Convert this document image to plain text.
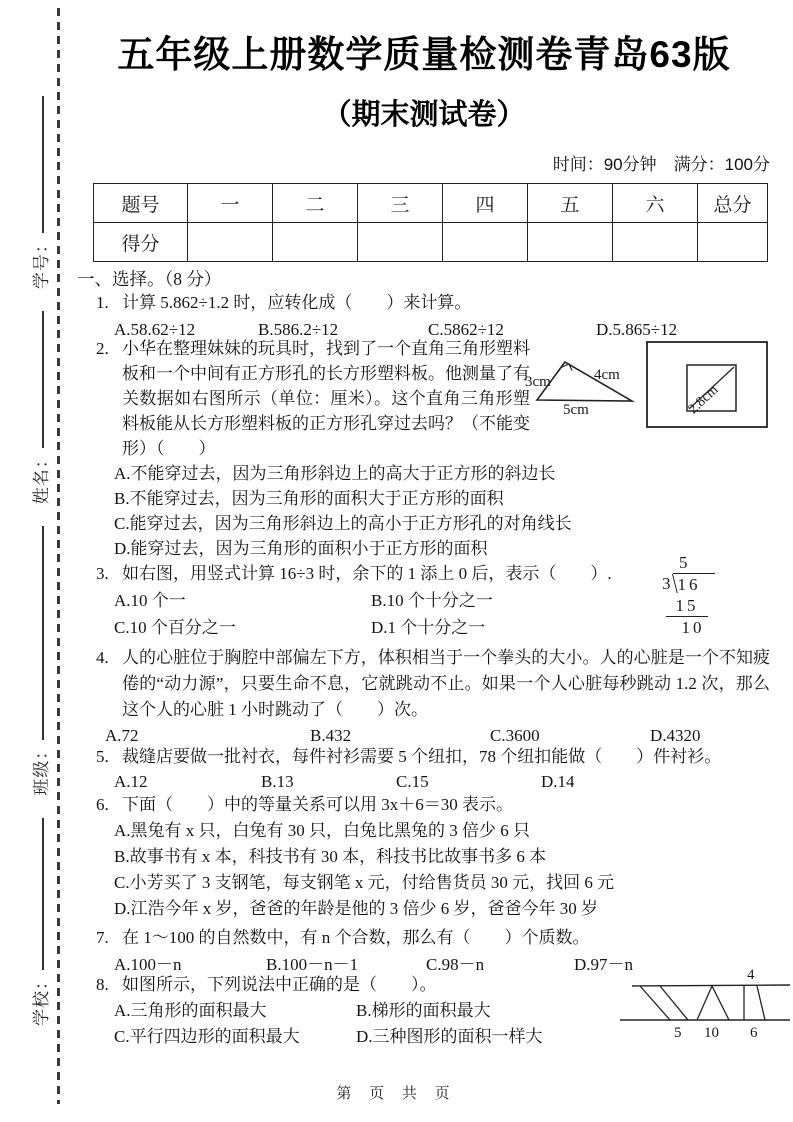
学校：
班级：
姓名：
学号：
五年级上册数学质量检测卷青岛63版
（期末测试卷）
时间：90分钟　满分：100分
题号	一	二	三	四	五	六	总分
得分							
一、选择。（8 分）
1. 计算 5.862÷1.2 时，应转化成（　　）来计算。
A.58.62÷12	B.586.2÷12	C.5862÷12	D.5.865÷12
2. 小华在整理妹妹的玩具时，找到了一个直角三角形塑料板和一个中间有正方形孔的长方形塑料板。他测量了有关数据如右图所示（单位：厘米）。这个直角三角形塑料板能从长方形塑料板的正方形孔穿过去吗？（不能变形）（　　）
A.不能穿过去，因为三角形斜边上的高大于正方形的斜边长
B.不能穿过去，因为三角形的面积大于正方形的面积
C.能穿过去，因为三角形斜边上的高小于正方形孔的对角线长
D.能穿过去，因为三角形的面积小于正方形的面积
3cm	4cm
5cm	2.8cm
3. 如右图，用竖式计算 16÷3 时，余下的 1 添上 0 后，表示（　　）.
A.10 个一	B.10 个十分之一
C.10 个百分之一	D.1 个十分之一
5
3 16
15
10
4. 人的心脏位于胸腔中部偏左下方，体积相当于一个拳头的大小。人的心脏是一个不知疲倦的“动力源”，只要生命不息，它就跳动不止。如果一个人心脏每秒跳动 1.2 次，那么这个人的心脏 1 小时跳动了（　　）次。
A.72	B.432	C.3600	D.4320
5. 裁缝店要做一批衬衣，每件衬衫需要 5 个纽扣，78 个纽扣能做（　　）件衬衫。
A.12	B.13	C.15	D.14
6. 下面（　　）中的等量关系可以用 3x＋6＝30 表示。
A.黑兔有 x 只，白兔有 30 只，白兔比黑兔的 3 倍少 6 只
B.故事书有 x 本，科技书有 30 本，科技书比故事书多 6 本
C.小芳买了 3 支钢笔，每支钢笔 x 元，付给售货员 30 元，找回 6 元
D.江浩今年 x 岁，爸爸的年龄是他的 3 倍少 6 岁，爸爸今年 30 岁
7. 在 1～100 的自然数中，有 n 个合数，那么有（　　）个质数。
A.100－n	B.100－n－1	C.98－n	D.97－n
8. 如图所示，下列说法中正确的是（　　）。
A.三角形的面积最大	B.梯形的面积最大
C.平行四边形的面积最大	D.三种图形的面积一样大
4
5 10 6
第 页 共 页
